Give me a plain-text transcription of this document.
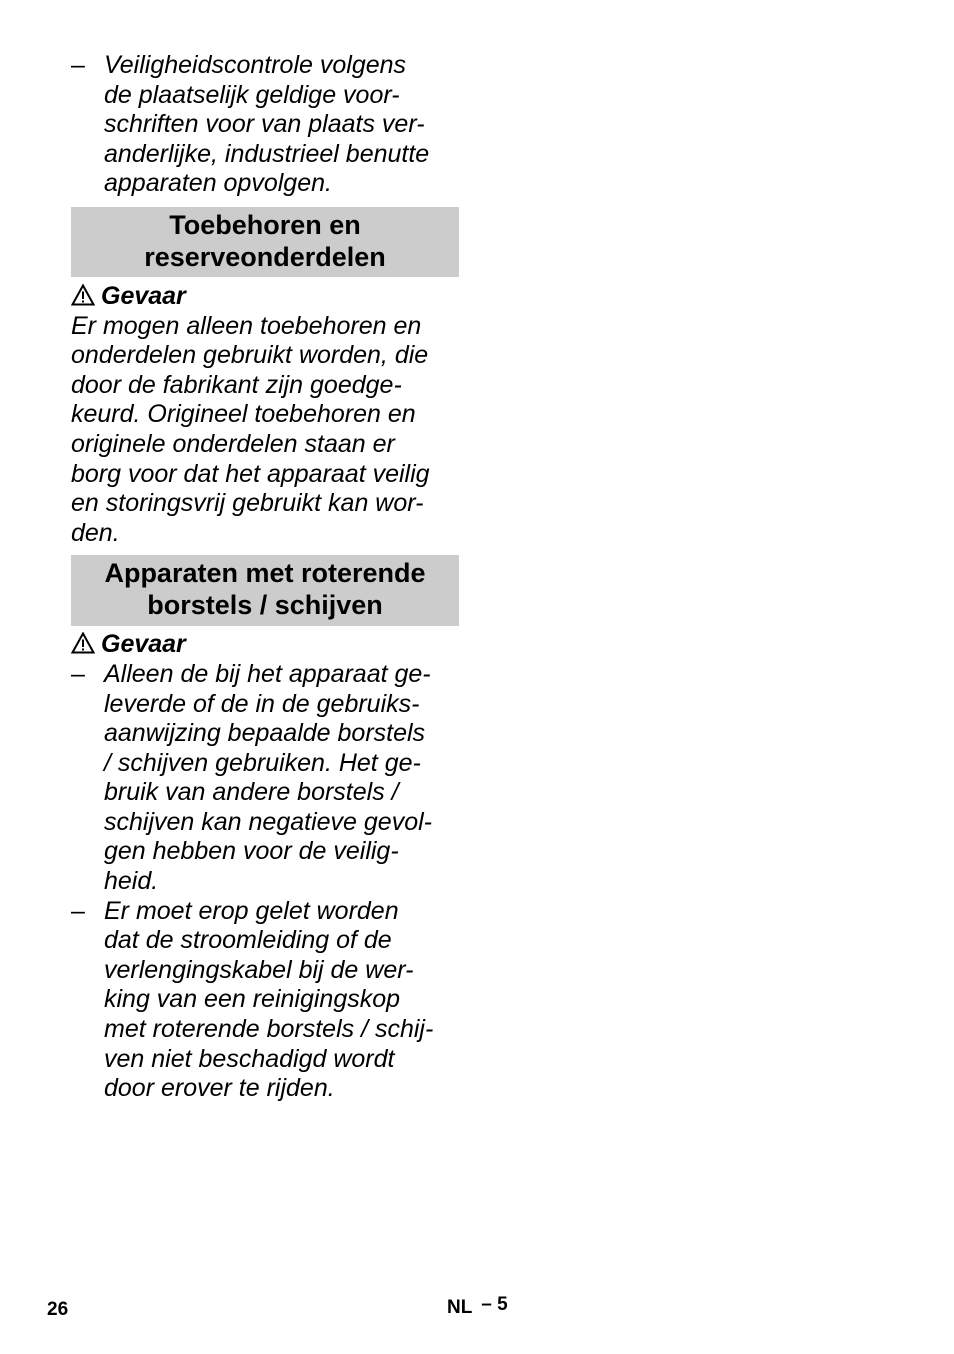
– Veiligheidscontrole volgens
de plaatselijk geldige voor-
schriften voor van plaats ver-
anderlijke, industrieel benutte
apparaten opvolgen.
Toebehoren en
reserveonderdelen
Gevaar
Er mogen alleen toebehoren en
onderdelen gebruikt worden, die
door de fabrikant zijn goedge-
keurd. Origineel toebehoren en
originele onderdelen staan er
borg voor dat het apparaat veilig
en storingsvrij gebruikt kan wor-
den.
Apparaten met roterende
borstels / schijven
Gevaar
– Alleen de bij het apparaat ge-
leverde of de in de gebruiks-
aanwijzing bepaalde borstels
/ schijven gebruiken. Het ge-
bruik van andere borstels /
schijven kan negatieve gevol-
gen hebben voor de veilig-
heid.
– Er moet erop gelet worden
dat de stroomleiding of de
verlengingskabel bij de wer-
king van een reinigingskop
met roterende borstels / schij-
ven niet beschadigd wordt
door erover te rijden.
26	NL – 5
